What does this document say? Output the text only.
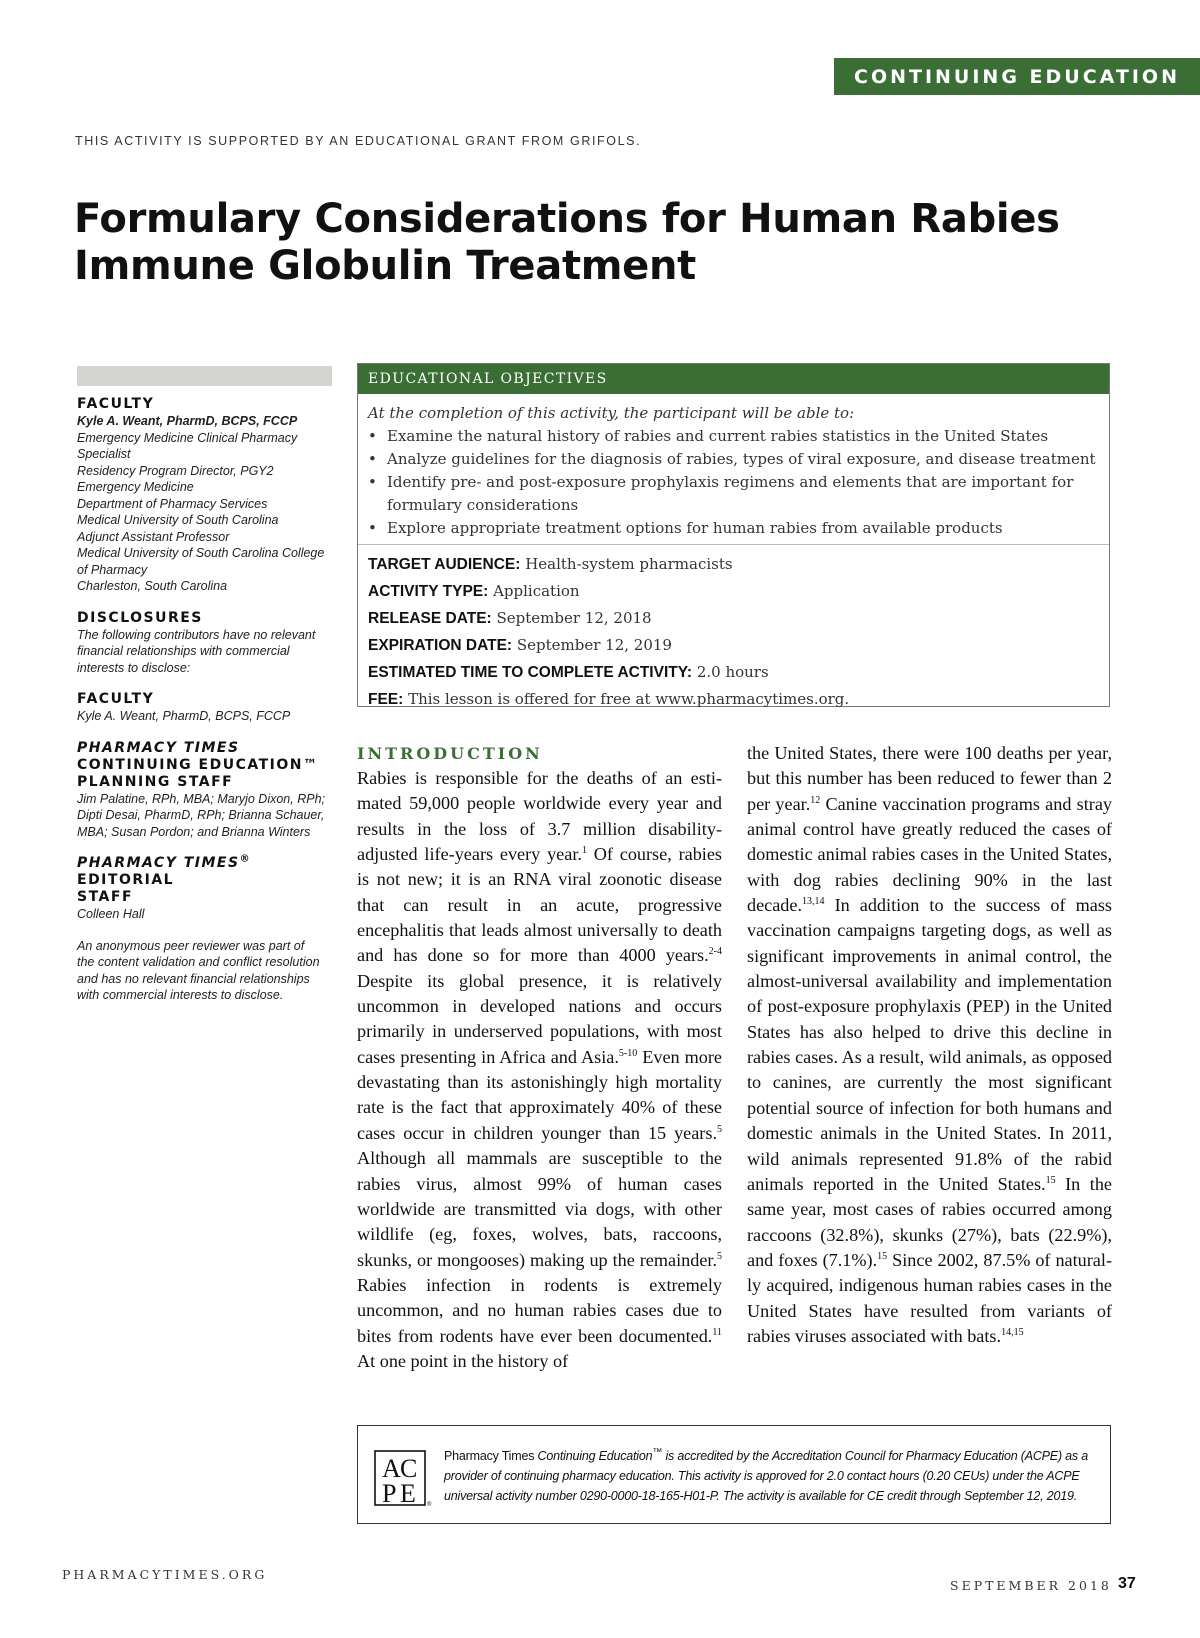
CONTINUING EDUCATION
THIS ACTIVITY IS SUPPORTED BY AN EDUCATIONAL GRANT FROM GRIFOLS.
Formulary Considerations for Human Rabies
Immune Globulin Treatment

FACULTY

Kyle A. Weant, PharmD, BCPS, FCCP

Emergency Medicine Clinical Pharmacy

Specialist

Residency Program Director, PGY2

Emergency Medicine

Department of Pharmacy Services

Medical University of South Carolina

Adjunct Assistant Professor

Medical University of South Carolina College

of Pharmacy

Charleston, South Carolina

DISCLOSURES

The following contributors have no relevant

financial relationships with commercial

interests to disclose:

FACULTY

Kyle A. Weant, PharmD, BCPS, FCCP

PHARMACY TIMES

CONTINUING EDUCATION™

PLANNING STAFF

Jim Palatine, RPh, MBA; Maryjo Dixon, RPh;

Dipti Desai, PharmD, RPh; Brianna Schauer,

MBA; Susan Pordon; and Brianna Winters

PHARMACY TIMES® EDITORIAL

STAFF

Colleen Hall

An anonymous peer reviewer was part of

the content validation and conflict resolution

and has no relevant financial relationships

with commercial interests to disclose.

EDUCATIONAL OBJECTIVES

At the completion of this activity, the participant will be able to:

• Examine the natural history of rabies and current rabies statistics in the United States
• Analyze guidelines for the diagnosis of rabies, types of viral exposure, and disease treatment
• Identify pre- and post-exposure prophylaxis regimens and elements that are important for formulary considerations
• Explore appropriate treatment options for human rabies from available products

TARGET AUDIENCE: Health-system pharmacists

ACTIVITY TYPE: Application

RELEASE DATE: September 12, 2018

EXPIRATION DATE: September 12, 2019

ESTIMATED TIME TO COMPLETE ACTIVITY: 2.0 hours

FEE: This lesson is offered for free at www.pharmacytimes.org.

INTRODUCTION

Rabies is responsible for the deaths of an estimated 59,000 people worldwide every year and results in the loss of 3.7 million disability-adjusted life-years every year.$^1$ Of course, rabies is not new; it is an RNA viral zoonotic disease that can result in an acute, progressive encephalitis that leads almost universally to death and has done so for more than 4000 years.$^{2-4}$ Despite its global presence, it is relatively uncommon in developed nations and occurs primarily in underserved populations, with most cases presenting in Africa and Asia.$^{5-10}$ Even more devastating than its astonishingly high mortality rate is the fact that approximately 40% of these cases occur in children younger than 15 years.$^5$ Although all mammals are susceptible to the rabies virus, almost 99% of human cases worldwide are transmitted via dogs, with other wildlife (eg, foxes, wolves, bats, raccoons, skunks, or mongooses) making up the remainder.$^5$ Rabies infection in rodents is extremely uncommon, and no human rabies cases due to bites from rodents have ever been documented.$^{11}$ At one point in the history of

the United States, there were 100 deaths per year, but this number has been reduced to fewer than 2 per year.$^{12}$ Canine vaccination programs and stray animal control have greatly reduced the cases of domestic animal rabies cases in the United States, with dog rabies declining 90% in the last decade.$^{13,14}$ In addition to the success of mass vaccination campaigns targeting dogs, as well as significant improvements in animal control, the almost-universal availability and implementation of post-exposure prophylaxis (PEP) in the United States has also helped to drive this decline in rabies cases. As a result, wild animals, as opposed to canines, are currently the most significant potential source of infection for both humans and domestic animals in the United States. In 2011, wild animals represented 91.8% of the rabid animals reported in the United States.$^{15}$ In the same year, most cases of rabies occurred among raccoons (32.8%), skunks (27%), bats (22.9%), and foxes (7.1%).$^{15}$ Since 2002, 87.5% of naturally acquired, indigenous human rabies cases in the United States have resulted from variants of rabies viruses associated with bats.$^{14,15}$

A C
P E ®
Pharmacy Times Continuing Education™ is accredited by the Accreditation Council for Pharmacy Education (ACPE) as a provider of continuing pharmacy education. This activity is approved for 2.0 contact hours (0.20 CEUs) under the ACPE universal activity number 0290-0000-18-165-H01-P. The activity is available for CE credit through September 12, 2019.
PHARMACYTIMES.ORG
SEPTEMBER 2018 37
